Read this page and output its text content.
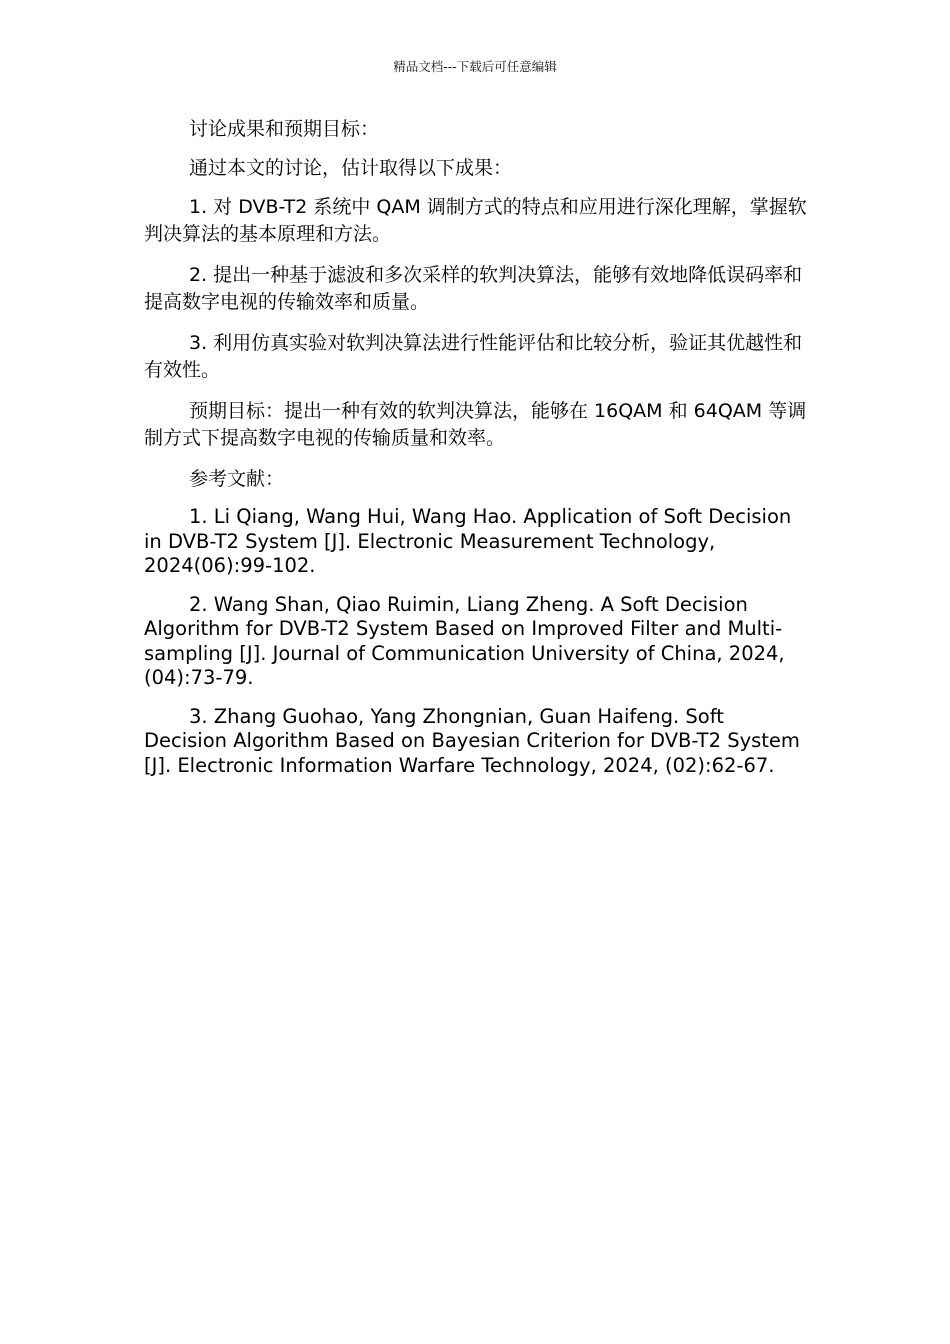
精品文档---下载后可任意编辑

讨论成果和预期目标：

通过本文的讨论，估计取得以下成果：

1. 对 DVB-T2 系统中 QAM 调制方式的特点和应用进行深化理解，掌握软判决算法的基本原理和方法。

2. 提出一种基于滤波和多次采样的软判决算法，能够有效地降低误码率和提高数字电视的传输效率和质量。

3. 利用仿真实验对软判决算法进行性能评估和比较分析，验证其优越性和有效性。

预期目标：提出一种有效的软判决算法，能够在 16QAM 和 64QAM 等调制方式下提高数字电视的传输质量和效率。

参考文献：

1. Li Qiang, Wang Hui, Wang Hao. Application of Soft Decision in DVB-T2 System [J]. Electronic Measurement Technology, 2024(06):99-102.

2. Wang Shan, Qiao Ruimin, Liang Zheng. A Soft Decision Algorithm for DVB-T2 System Based on Improved Filter and Multi-sampling [J]. Journal of Communication University of China, 2024, (04):73-79.

3. Zhang Guohao, Yang Zhongnian, Guan Haifeng. Soft Decision Algorithm Based on Bayesian Criterion for DVB-T2 System [J]. Electronic Information Warfare Technology, 2024, (02):62-67.
